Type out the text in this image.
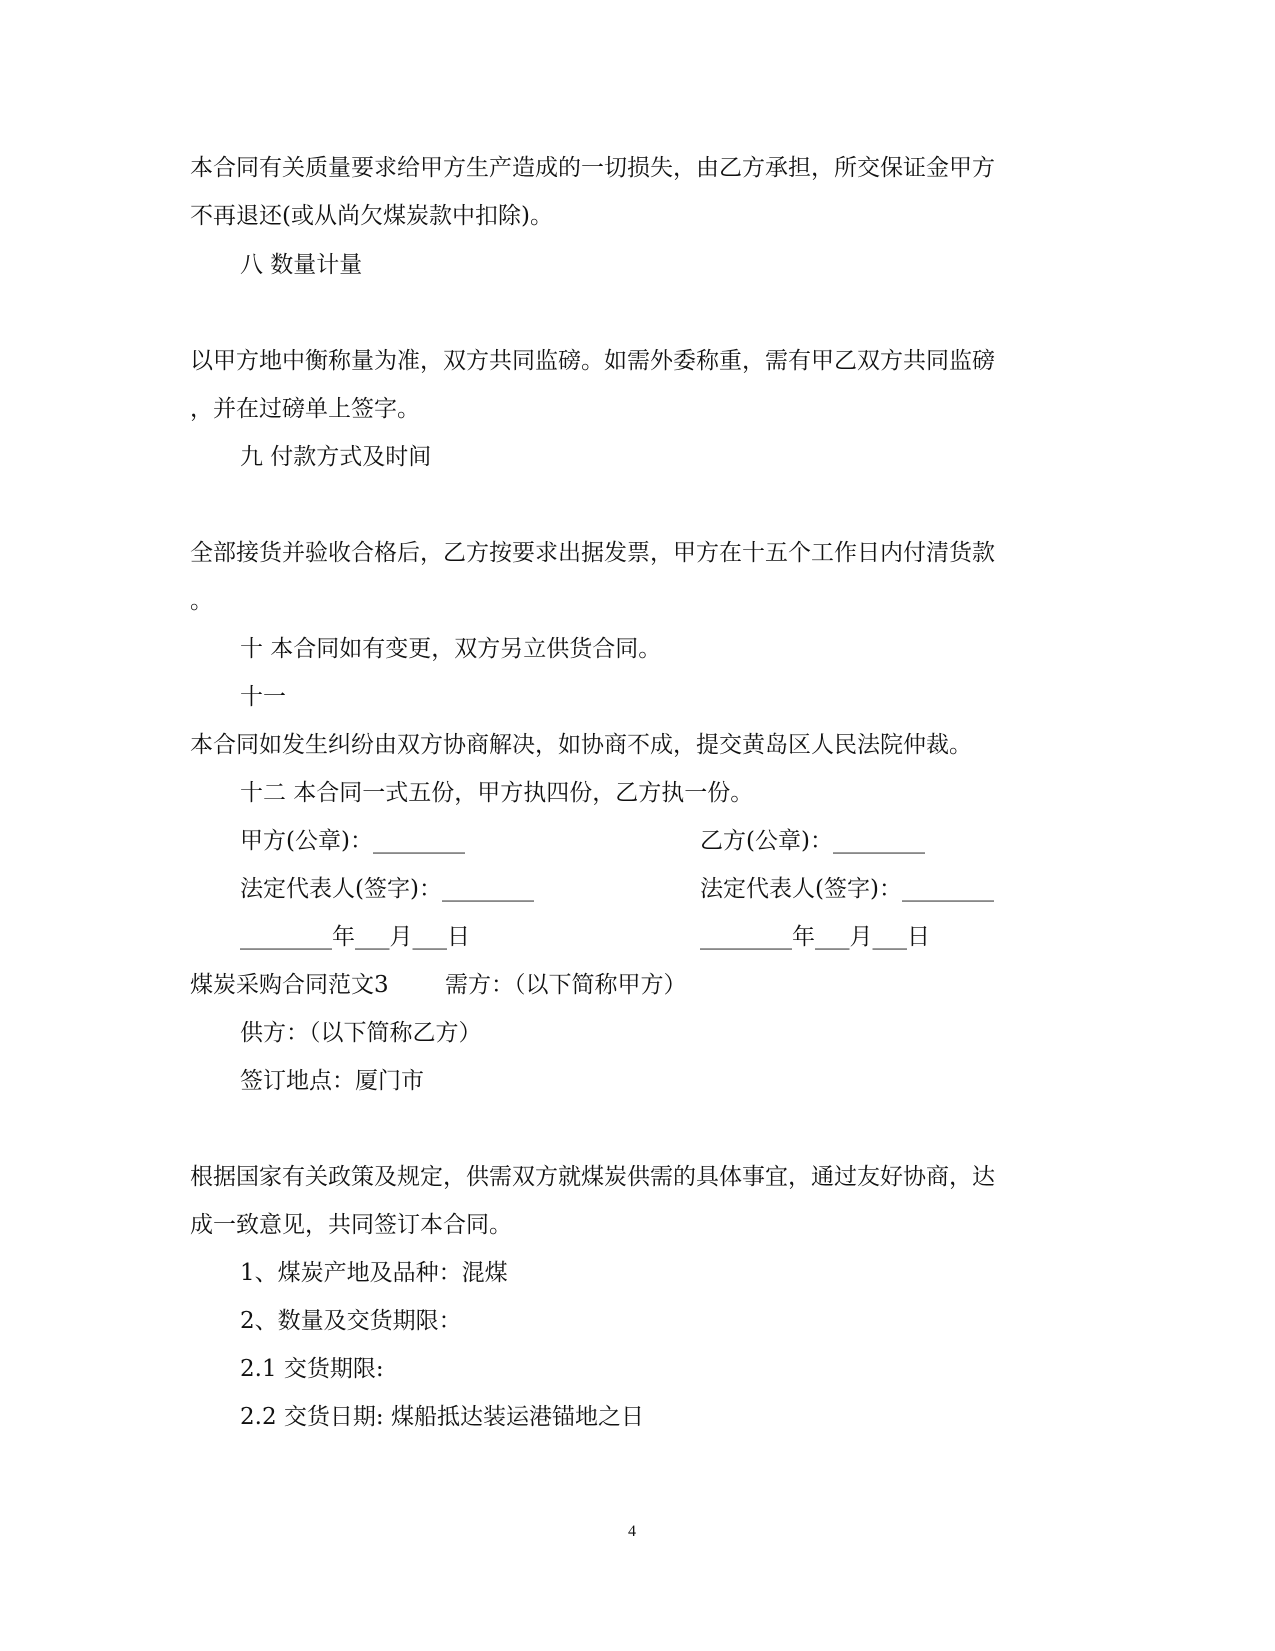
本合同有关质量要求给甲方生产造成的一切损失，由乙方承担，所交保证金甲方
不再退还(或从尚欠煤炭款中扣除)。
八 数量计量
以甲方地中衡称量为准，双方共同监磅。如需外委称重，需有甲乙双方共同监磅
，并在过磅单上签字。
九 付款方式及时间
全部接货并验收合格后，乙方按要求出据发票，甲方在十五个工作日内付清货款
。
十 本合同如有变更，双方另立供货合同。
十一
本合同如发生纠纷由双方协商解决，如协商不成，提交黄岛区人民法院仲裁。
十二 本合同一式五份，甲方执四份，乙方执一份。
甲方(公章)：________	乙方(公章)：________
法定代表人(签字)：________	法定代表人(签字)：________
________年___月___日	________年___月___日
煤炭采购合同范文3 需方：（以下简称甲方）
供方：（以下简称乙方）
签订地点：厦门市
根据国家有关政策及规定，供需双方就煤炭供需的具体事宜，通过友好协商，达
成一致意见，共同签订本合同。
1、煤炭产地及品种：混煤
2、数量及交货期限：
2.1 交货期限:
2.2 交货日期: 煤船抵达装运港锚地之日
4
